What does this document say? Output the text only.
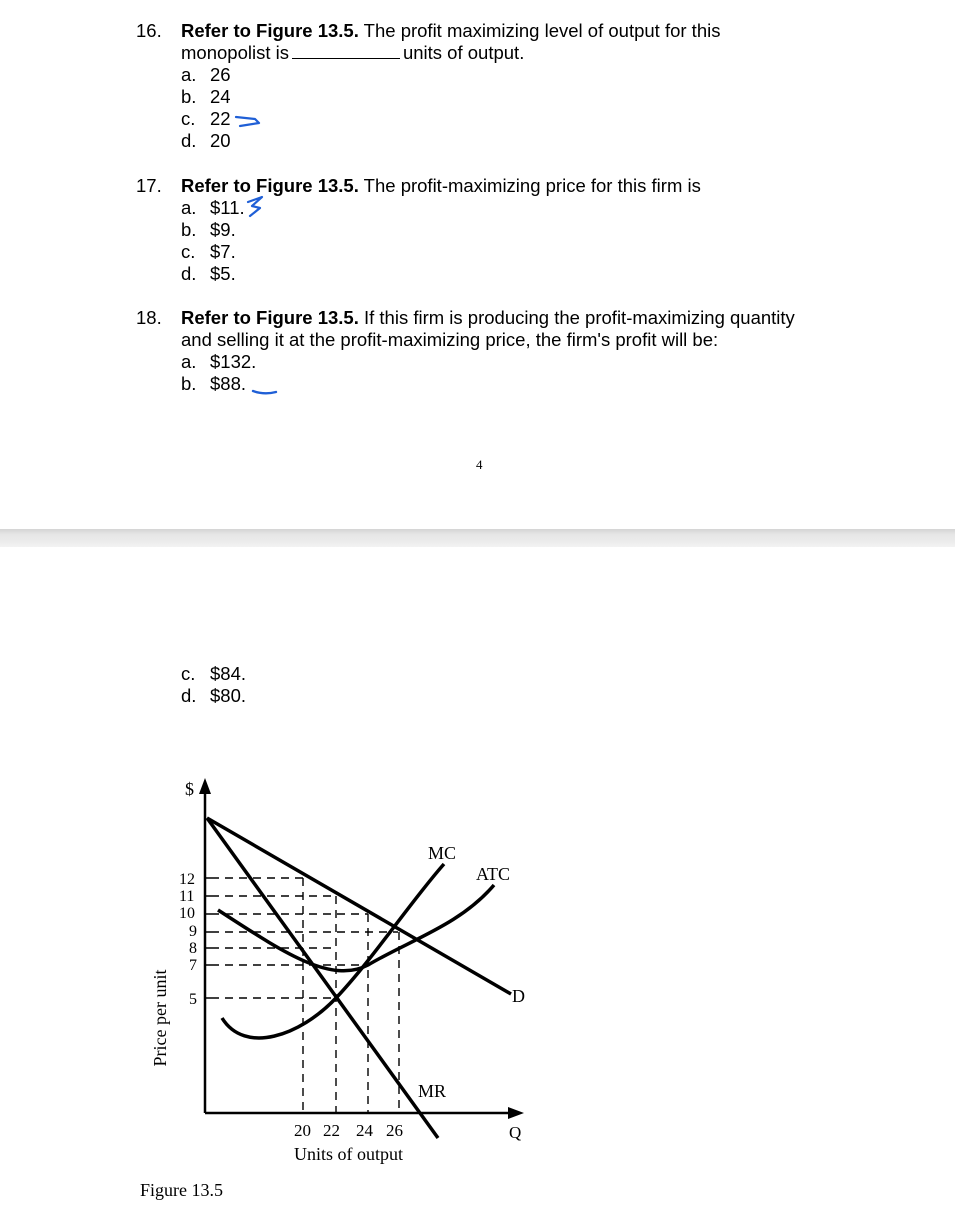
16. Refer to Figure 13.5. The profit maximizing level of output for this
monopolist is	units of output.
a. 26
b. 24
c. 22
d. 20
17. Refer to Figure 13.5. The profit-maximizing price for this firm is
a. $11.
b. $9.
c. $7.
d. $5.
18. Refer to Figure 13.5. If this firm is producing the profit-maximizing quantity
and selling it at the profit-maximizing price, the firm's profit will be:
a. $132.
b. $88.
c. $84.
d. $80.
4
$
Q
Price per unit
Units of output
12
11
10
9
8
7
5
20 22 24 26
MC
ATC
D
MR
Figure 13.5
